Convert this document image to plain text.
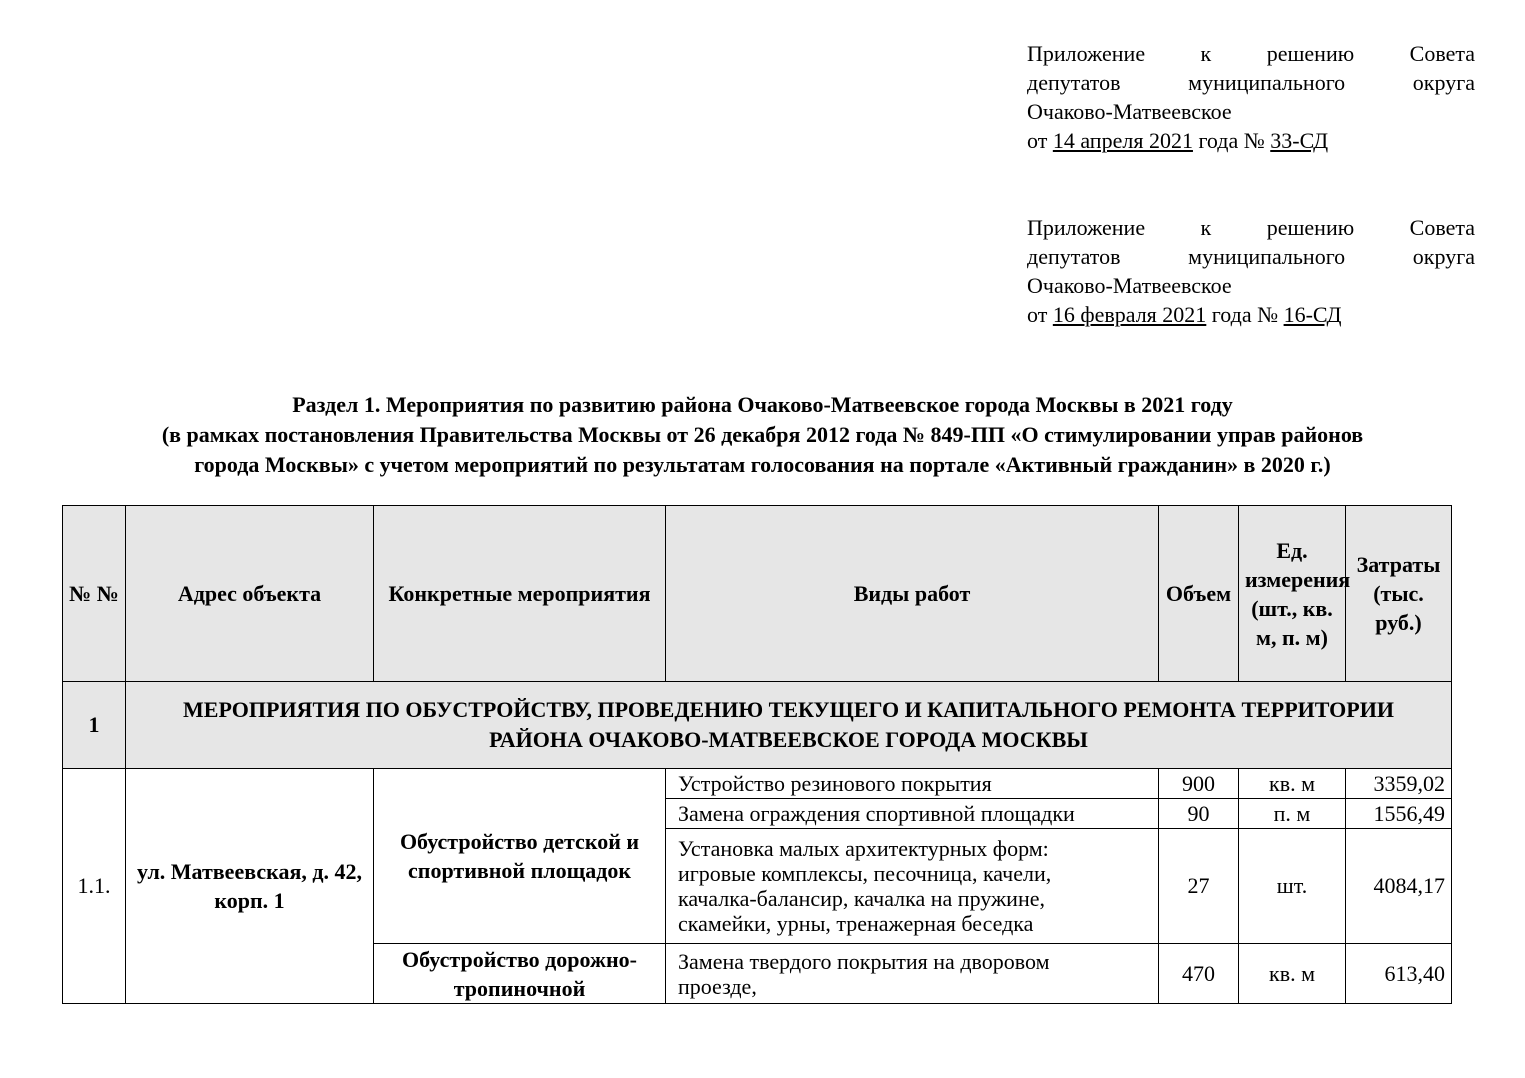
Приложение к решению Совета
депутатов муниципального округа
Очаково-Матвеевское
от 14 апреля 2021 года № 33-СД
Приложение к решению Совета
депутатов муниципального округа
Очаково-Матвеевское
от 16 февраля 2021 года № 16-СД
Раздел 1. Мероприятия по развитию района Очаково-Матвеевское города Москвы в 2021 году
(в рамках постановления Правительства Москвы от 26 декабря 2012 года № 849-ПП «О стимулировании управ районов
города Москвы» с учетом мероприятий по результатам голосования на портале «Активный гражданин» в 2020 г.)
№ №	Адрес объекта	Конкретные мероприятия	Виды работ	Объем	Ед. измерения (шт., кв. м, п. м)	Затраты (тыс. руб.)
1	МЕРОПРИЯТИЯ ПО ОБУСТРОЙСТВУ, ПРОВЕДЕНИЮ ТЕКУЩЕГО И КАПИТАЛЬНОГО РЕМОНТА ТЕРРИТОРИИ РАЙОНА ОЧАКОВО-МАТВЕЕВСКОЕ ГОРОДА МОСКВЫ					
1.1.	ул. Матвеевская, д. 42, корп. 1	Обустройство детской и спортивной площадок	Устройство резинового покрытия	900	кв. м	3359,02
			Замена ограждения спортивной площадки	90	п. м	1556,49
			Установка малых архитектурных форм: игровые комплексы, песочница, качели, качалка-балансир, качалка на пружине, скамейки, урны, тренажерная беседка	27	шт.	4084,17
		Обустройство дорожно-тропиночной	Замена твердого покрытия на дворовом проезде,	470	кв. м	613,40
